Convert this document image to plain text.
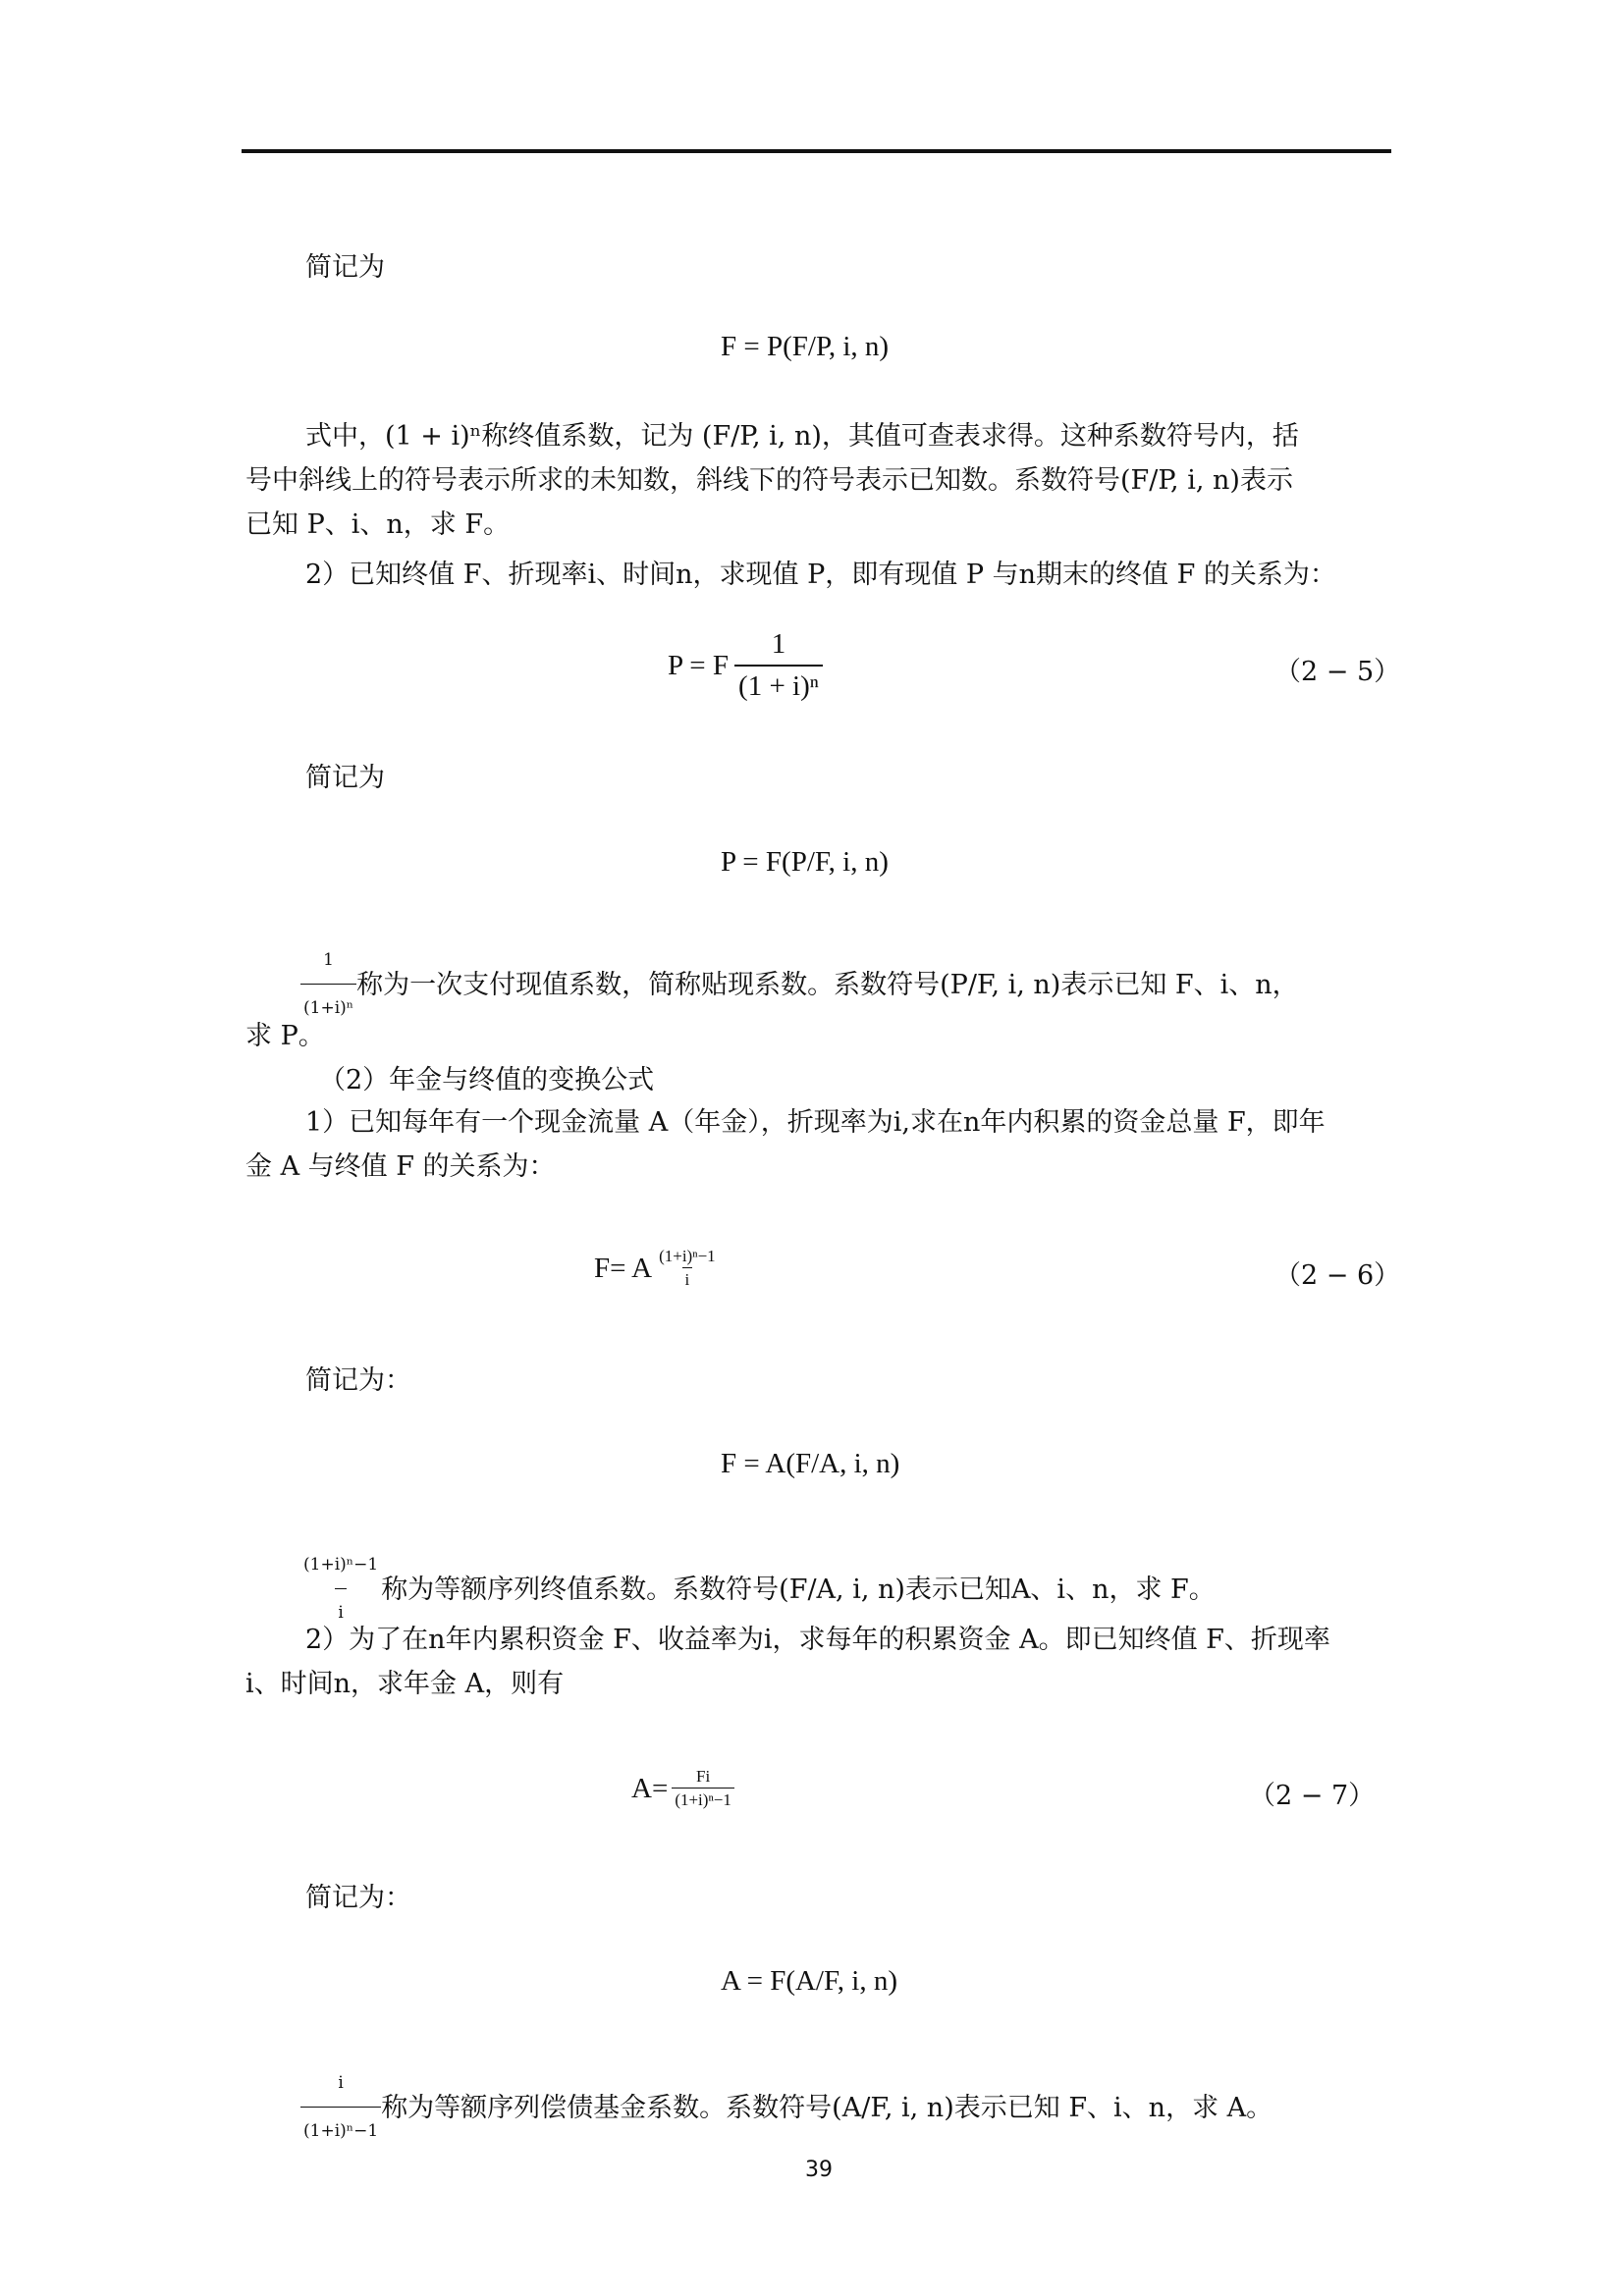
简记为
F = P(F/P, i, n)
式中，(1 + i)ⁿ称终值系数，记为 (F/P, i, n)，其值可查表求得。这种系数符号内，括
号中斜线上的符号表示所求的未知数，斜线下的符号表示已知数。系数符号(F/P, i, n)表示
已知 P、i、n，求 F。
2）已知终值 F、折现率i、时间n，求现值 P，即有现值 P 与n期末的终值 F 的关系为：
P = F $\frac{1}{\text{(1 + i)ⁿ}}$	（2 − 5）
简记为
P = F(P/F, i, n)
$\frac{1}{\text{(1+i)ⁿ}}$ 称为一次支付现值系数，简称贴现系数。系数符号(P/F, i, n)表示已知 F、i、n，
求 P。
（2）年金与终值的变换公式
1）已知每年有一个现金流量 A（年金），折现率为i,求在n年内积累的资金总量 F，即年
金 A 与终值 F 的关系为：
F= A $\frac{\text{(1+i)ⁿ−1}}{i}$	（2 − 6）
简记为：
F = A(F/A, i, n)
$\frac{\text{(1+i)ⁿ−1}}{i}$ 称为等额序列终值系数。系数符号(F/A, i, n)表示已知A、i、n，求 F。
2）为了在n年内累积资金 F、收益率为i，求每年的积累资金 A。即已知终值 F、折现率
i、时间n，求年金 A，则有
$A= \frac{Fi}{\text{(1+i)ⁿ−1}}$	（2 − 7）
简记为：
A = F(A/F, i, n)
$\frac{i}{\text{(1+i)ⁿ−1}}$ 称为等额序列偿债基金系数。系数符号(A/F, i, n)表示已知 F、i、n，求 A。
39
